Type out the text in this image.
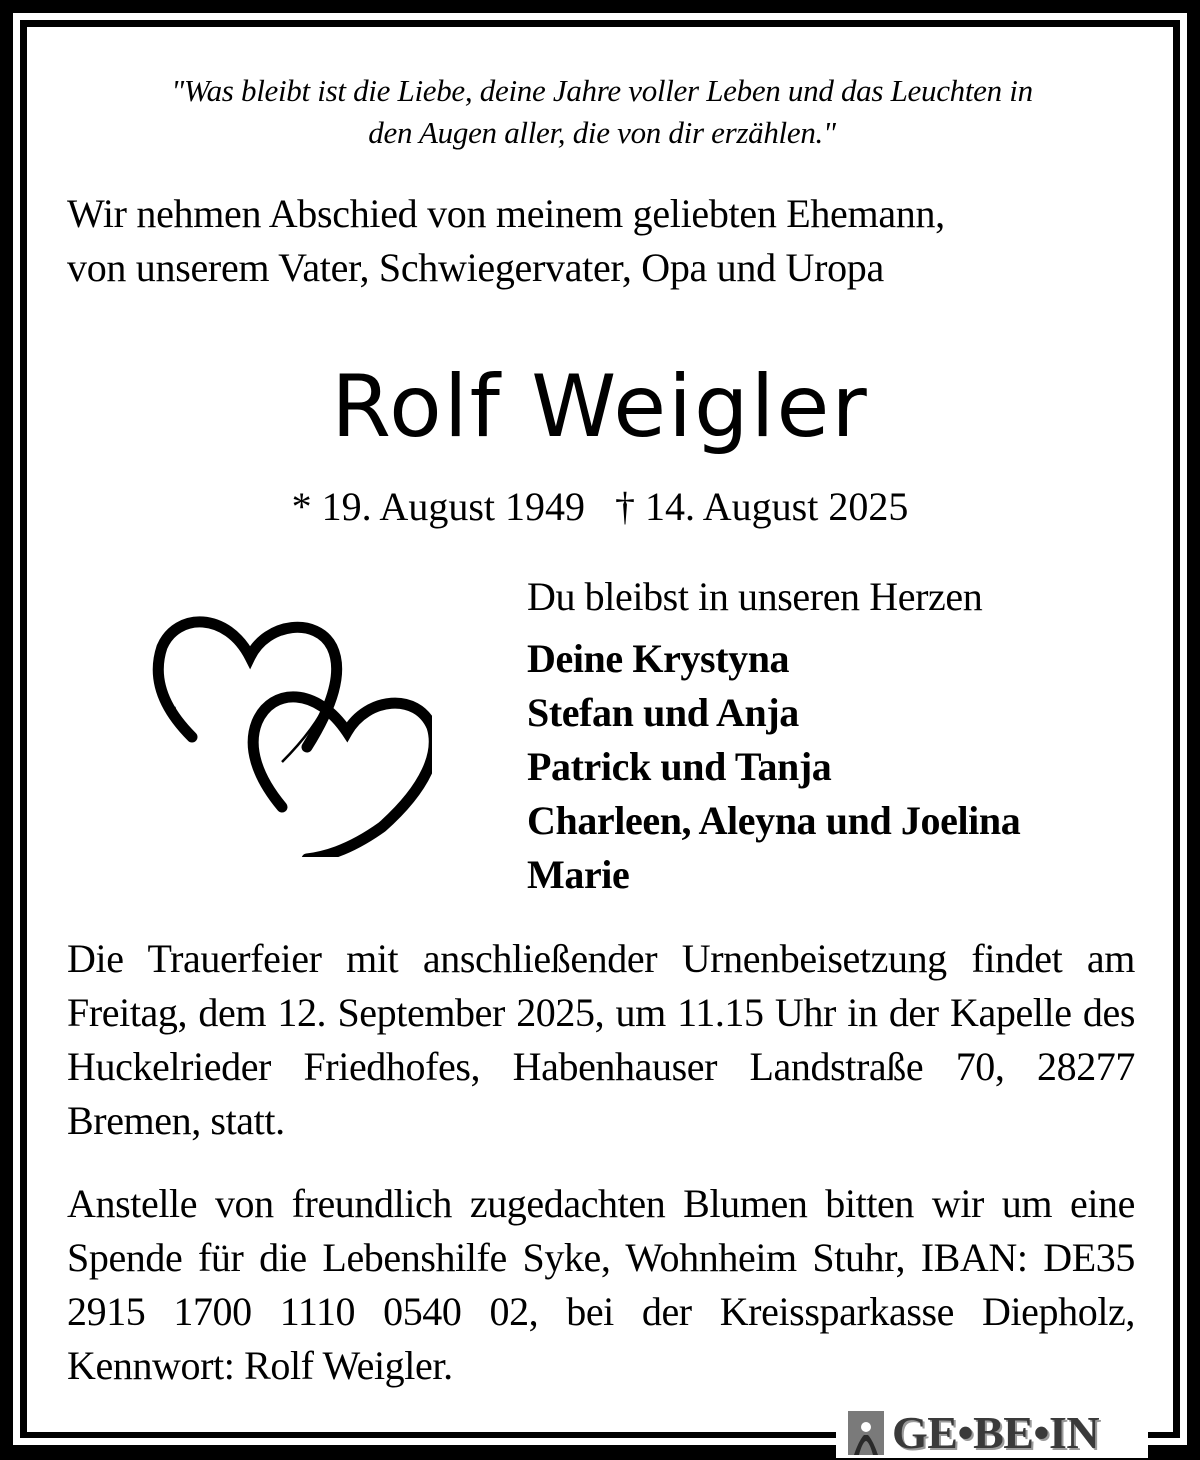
"Was bleibt ist die Liebe, deine Jahre voller Leben und das Leuchten in
den Augen aller, die von dir erzählen."
Wir nehmen Abschied von meinem geliebten Ehemann,
von unserem Vater, Schwiegervater, Opa und Uropa
Rolf Weigler
* 19. August 1949   † 14. August 2025
Du bleibst in unseren Herzen
Deine Krystyna
Stefan und Anja
Patrick und Tanja
Charleen, Aleyna und Joelina
Marie
Die Trauerfeier mit anschließender Urnenbeisetzung findet am Freitag, dem 12. September 2025, um 11.15 Uhr in der Kapelle des Huckelrieder Friedhofes, Habenhauser Landstraße 70, 28277 Bremen, statt.
Anstelle von freundlich zugedachten Blumen bitten wir um eine Spende für die Lebenshilfe Syke, Wohnheim Stuhr, IBAN: DE35 2915 1700 1110 0540 02, bei der Kreissparkasse Diepholz, Kennwort: Rolf Weigler.
GE•BE•IN
